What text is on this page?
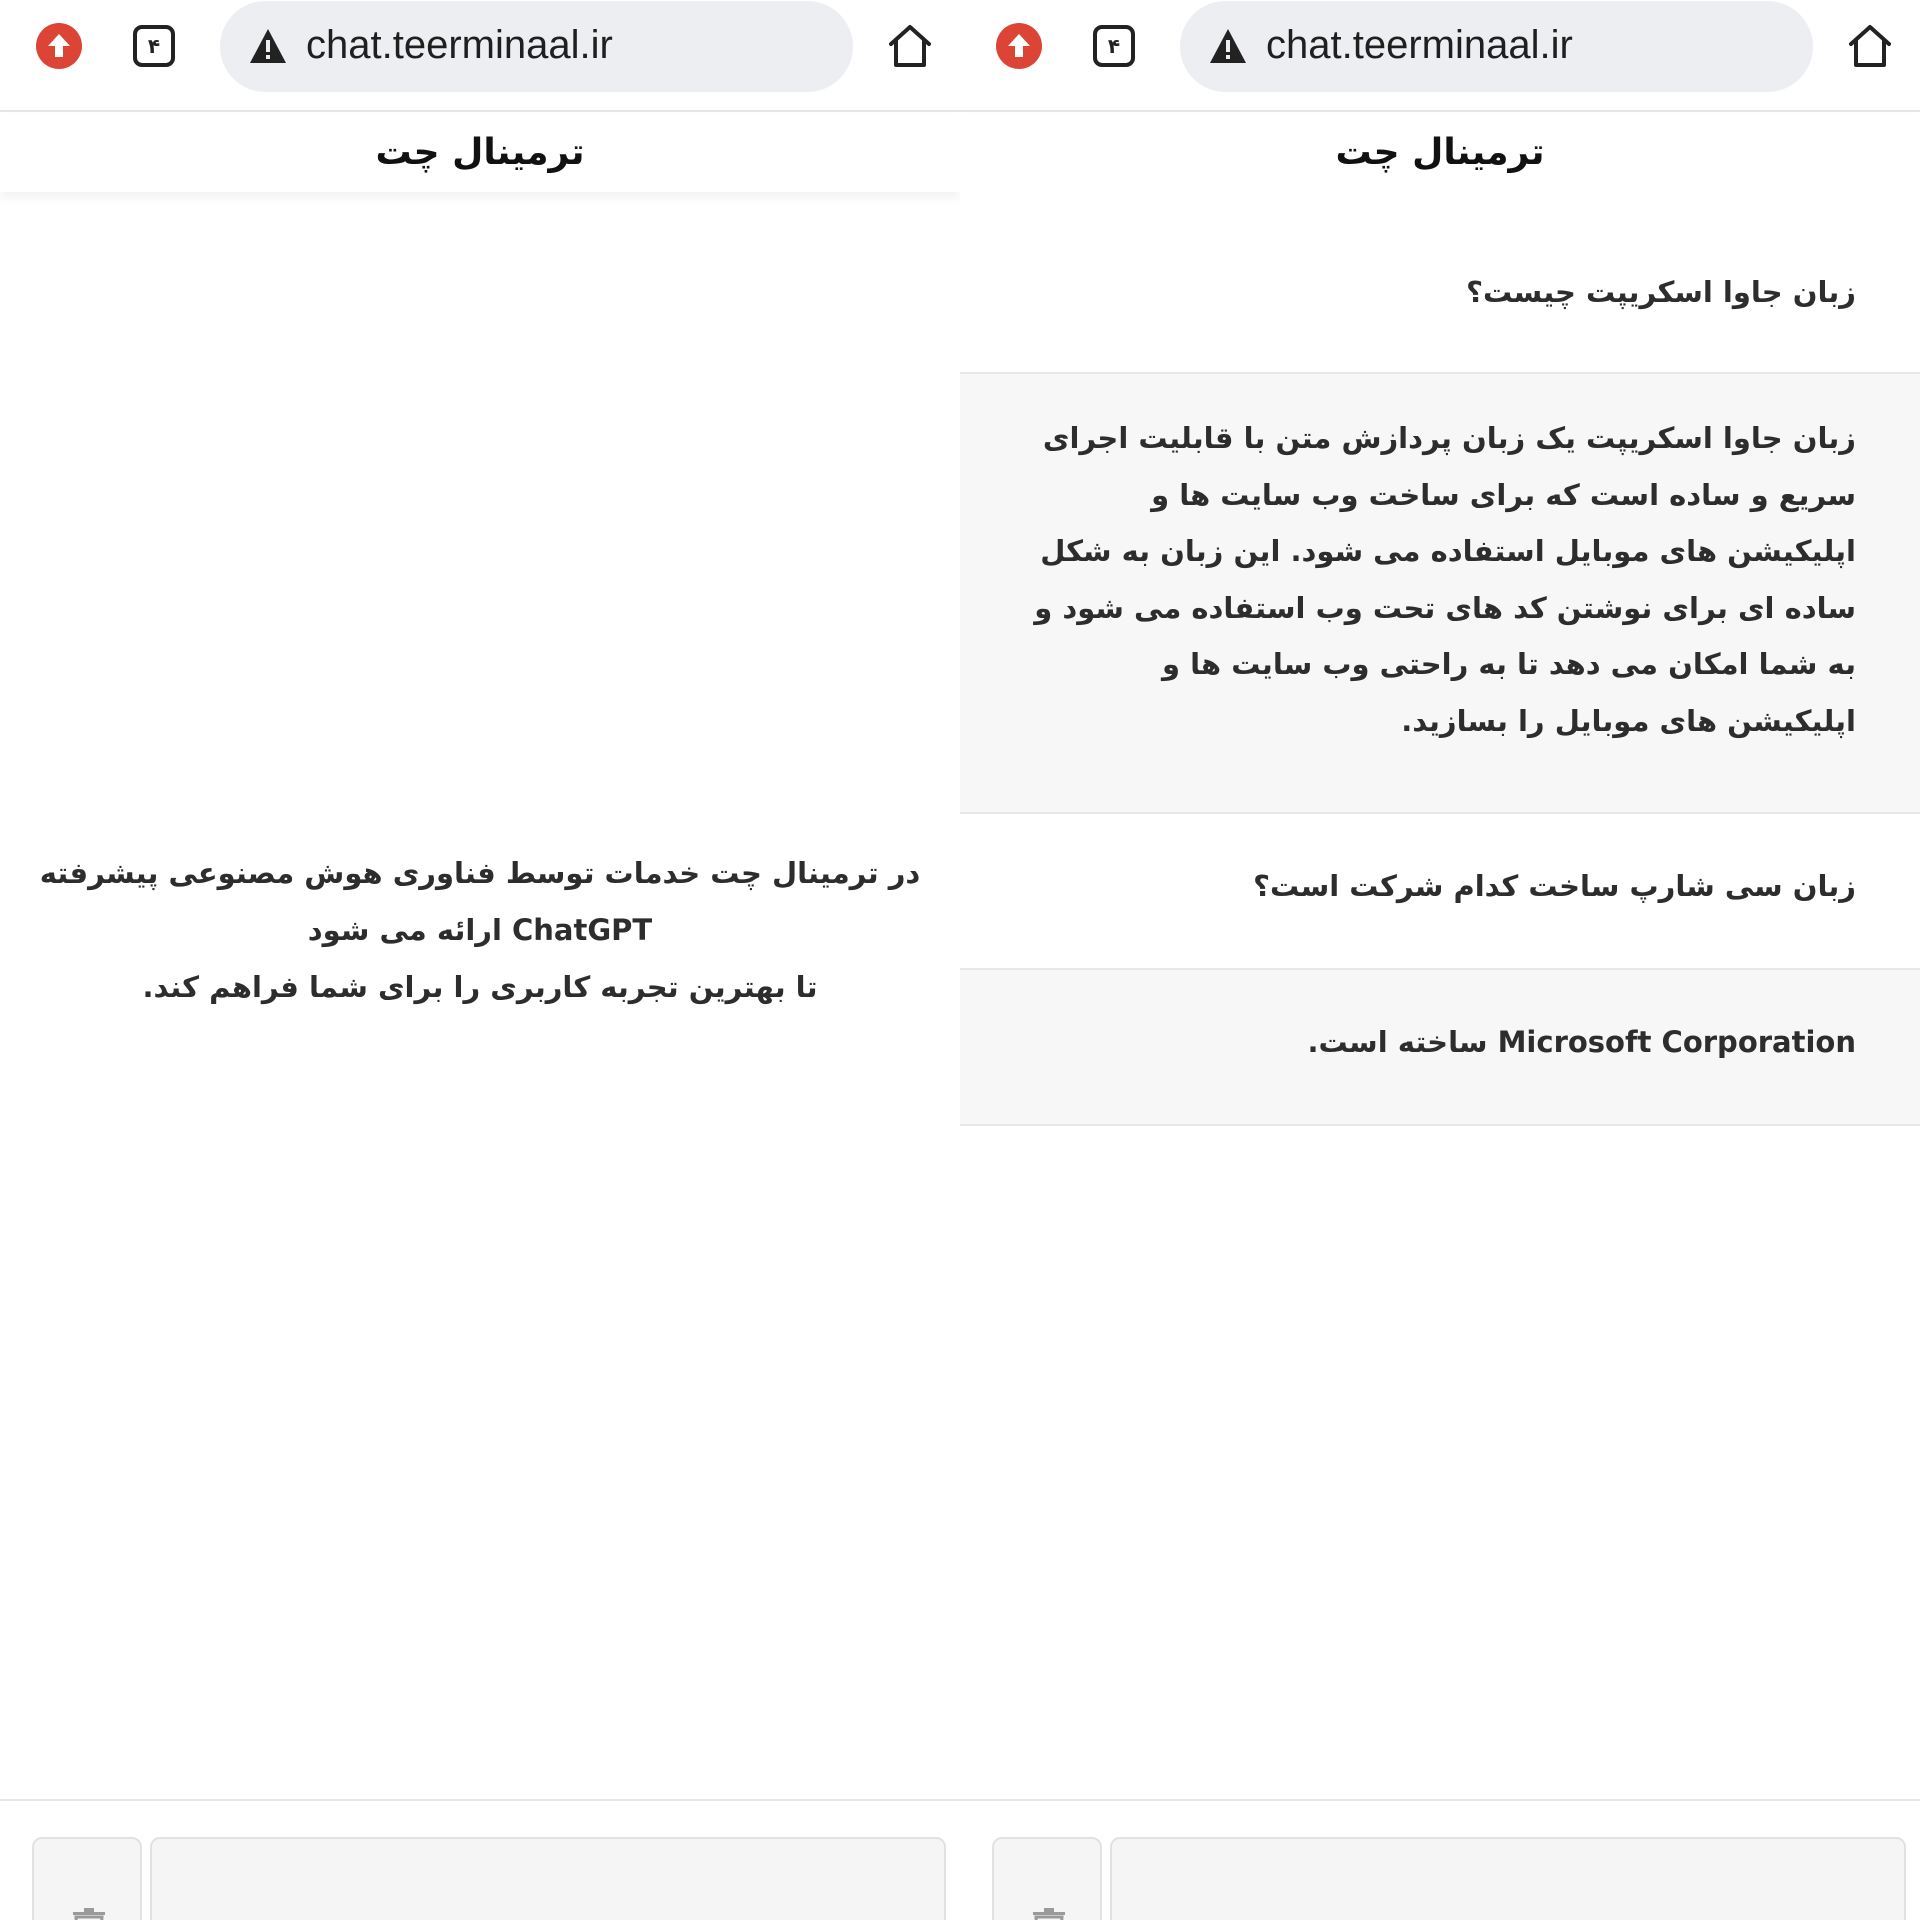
۴	chat.teerminaal.ir
ترمینال چت
در ترمینال چت خدمات توسط فناوری هوش مصنوعی پیشرفته
ChatGPT ارائه می شود
تا بهترین تجربه کاربری را برای شما فراهم کند.
۴	chat.teerminaal.ir
ترمینال چت
زبان جاوا اسکریپت چیست؟
زبان جاوا اسکریپت یک زبان پردازش متن با قابلیت اجرای سریع و ساده است که برای ساخت وب سایت ها و اپلیکیشن های موبایل استفاده می شود. این زبان به شکل ساده ای برای نوشتن کد های تحت وب استفاده می شود و به شما امکان می دهد تا به راحتی وب سایت ها و اپلیکیشن های موبایل را بسازید.
زبان سی شارپ ساخت کدام شرکت است؟
Microsoft Corporation ساخته است.
